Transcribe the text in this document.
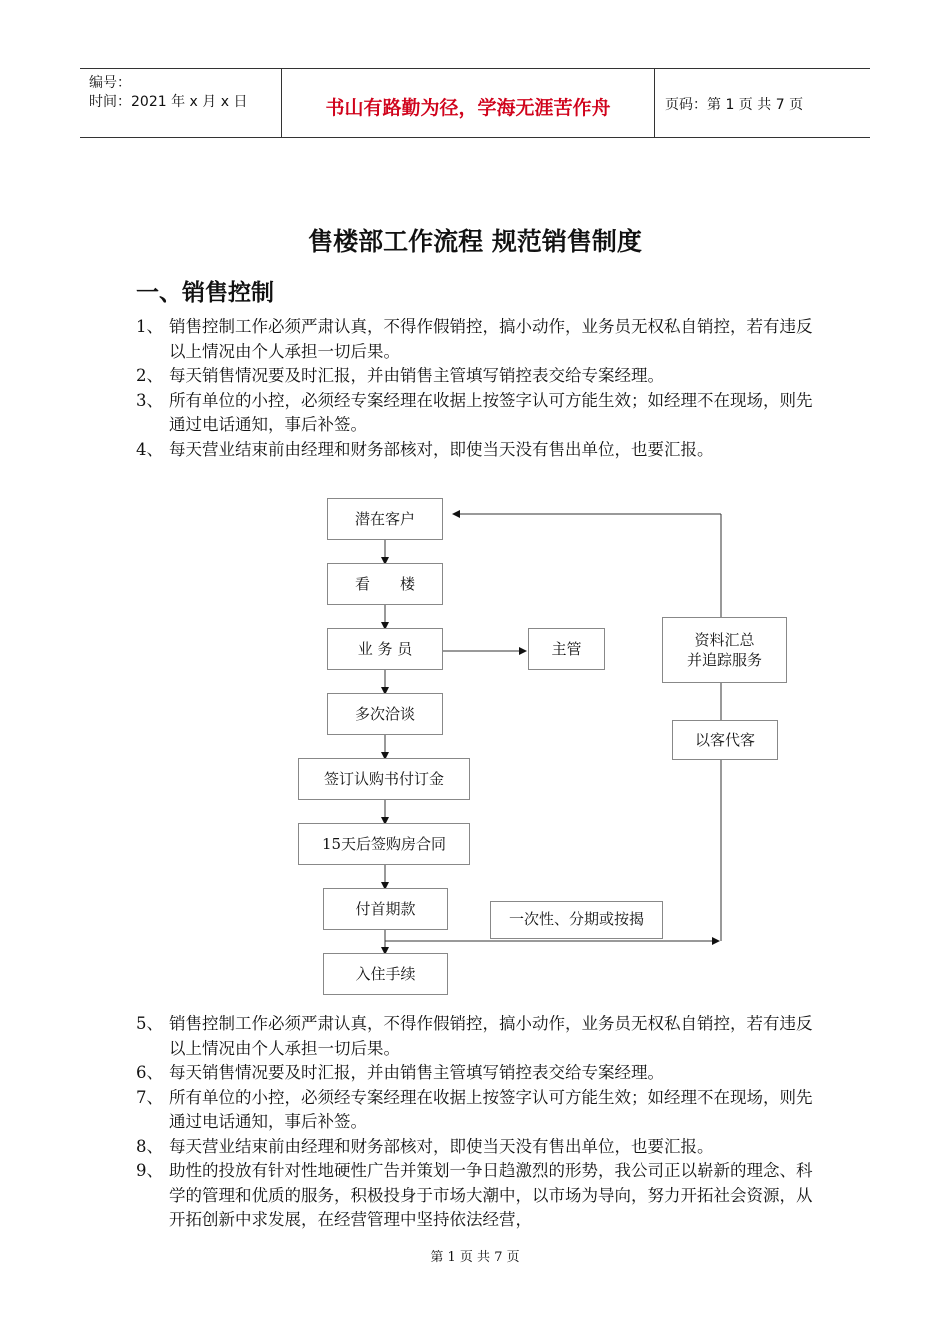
编号：
时间：2021 年 x 月 x 日	书山有路勤为径，学海无涯苦作舟	页码：第 1 页 共 7 页
售楼部工作流程 规范销售制度
一、销售控制
1、 销售控制工作必须严肃认真，不得作假销控，搞小动作，业务员无权私自销控，若有违反以上情况由个人承担一切后果。
2、 每天销售情况要及时汇报，并由销售主管填写销控表交给专案经理。
3、 所有单位的小控，必须经专案经理在收据上按签字认可方能生效；如经理不在现场，则先通过电话通知，事后补签。
4、 每天营业结束前由经理和财务部核对，即使当天没有售出单位，也要汇报。
潜在客户
看　　楼
业 务 员
多次洽谈
签订认购书付订金
15天后签购房合同
付首期款
入住手续
主管	资料汇总
并追踪服务
以客代客
一次性、分期或按揭
5、 销售控制工作必须严肃认真，不得作假销控，搞小动作，业务员无权私自销控，若有违反以上情况由个人承担一切后果。
6、 每天销售情况要及时汇报，并由销售主管填写销控表交给专案经理。
7、 所有单位的小控，必须经专案经理在收据上按签字认可方能生效；如经理不在现场，则先通过电话通知，事后补签。
8、 每天营业结束前由经理和财务部核对，即使当天没有售出单位，也要汇报。
9、 助性的投放有针对性地硬性广告并策划一争日趋激烈的形势，我公司正以崭新的理念、科学的管理和优质的服务，积极投身于市场大潮中，以市场为导向，努力开拓社会资源，从开拓创新中求发展，在经营管理中坚持依法经营，
第 1 页 共 7 页
